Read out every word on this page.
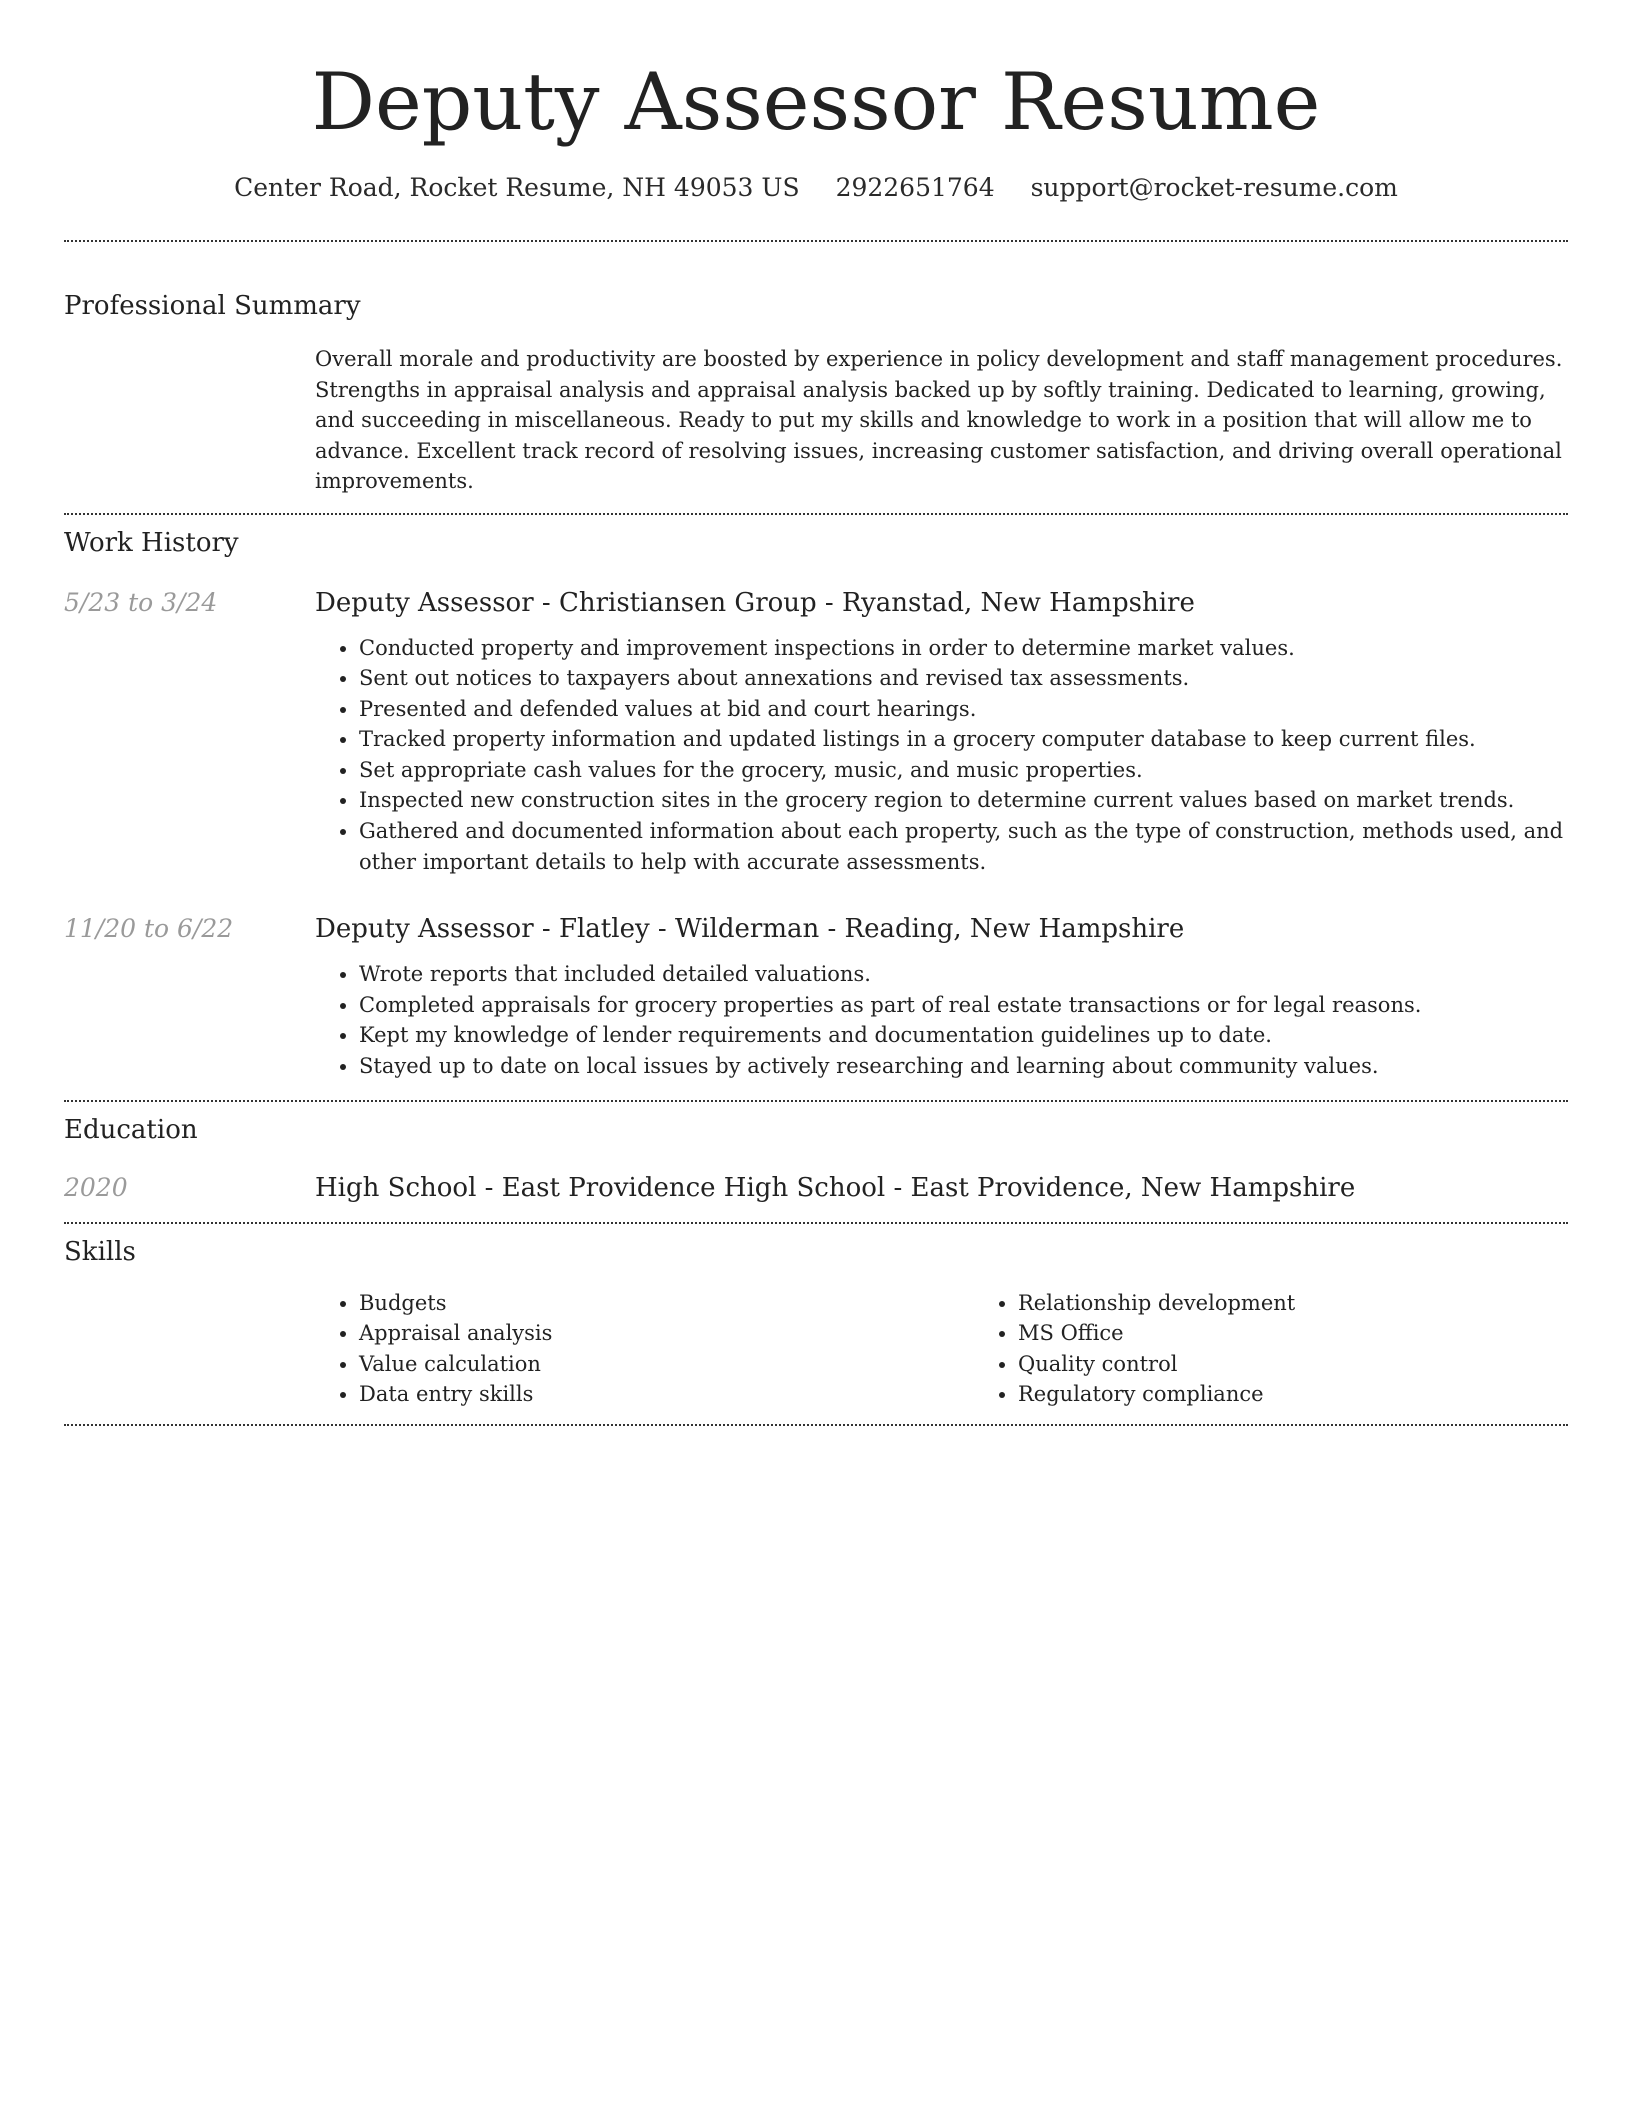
Deputy Assessor Resume
Center Road, Rocket Resume, NH 49053 US 2922651764 support@rocket-resume.com
Professional Summary

Overall morale and productivity are boosted by experience in policy development and staff management procedures. Strengths in appraisal analysis and appraisal analysis backed up by softly training. Dedicated to learning, growing, and succeeding in miscellaneous. Ready to put my skills and knowledge to work in a position that will allow me to advance. Excellent track record of resolving issues, increasing customer satisfaction, and driving overall operational improvements.

Work History
5/23 to 3/24	Deputy Assessor - Christiansen Group - Ryanstad, New Hampshire
• Conducted property and improvement inspections in order to determine market values.
• Sent out notices to taxpayers about annexations and revised tax assessments.
• Presented and defended values at bid and court hearings.
• Tracked property information and updated listings in a grocery computer database to keep current files.
• Set appropriate cash values for the grocery, music, and music properties.
• Inspected new construction sites in the grocery region to determine current values based on market trends.
• Gathered and documented information about each property, such as the type of construction, methods used, and other important details to help with accurate assessments.
11/20 to 6/22	Deputy Assessor - Flatley - Wilderman - Reading, New Hampshire
• Wrote reports that included detailed valuations.
• Completed appraisals for grocery properties as part of real estate transactions or for legal reasons.
• Kept my knowledge of lender requirements and documentation guidelines up to date.
• Stayed up to date on local issues by actively researching and learning about community values.
Education
2020	High School - East Providence High School - East Providence, New Hampshire
Skills
• Budgets
• Appraisal analysis
• Value calculation
• Data entry skills
• Relationship development
• MS Office
• Quality control
• Regulatory compliance
